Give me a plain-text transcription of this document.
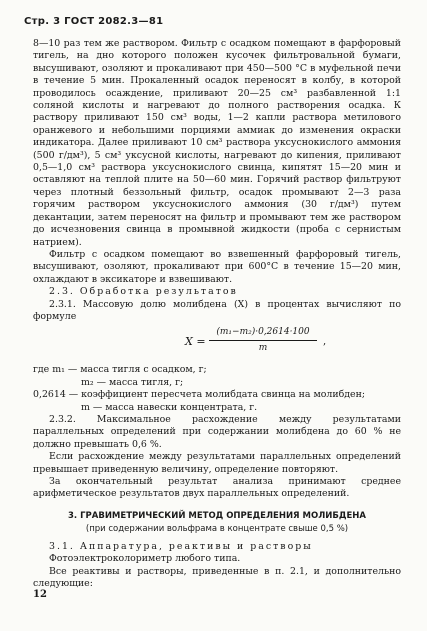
Стр. 3 ГОСТ 2082.3—81

8—10 раз тем же раствором. Фильтр с осадком помещают в фарфоровый тигель, на дно которого положен кусочек фильтровальной бумаги, высушивают, озоляют и прокаливают при 450—500 °С в муфельной печи в течение 5 мин. Прокаленный осадок переносят в колбу, в которой проводилось осаждение, приливают 20—25 см³ разбавленной 1:1 соляной кислоты и нагревают до полного растворения осадка. К раствору приливают 150 см³ воды, 1—2 капли раствора метилового оранжевого и небольшими порциями аммиак до изменения окраски индикатора. Далее приливают 10 см³ раствора уксуснокислого аммония (500 г/дм³), 5 см³ уксусной кислоты, нагревают до кипения, приливают 0,5—1,0 см³ раствора уксуснокислого свинца, кипятят 15—20 мин и оставляют на теплой плите на 50—60 мин. Горячий раствор фильтруют через плотный беззольный фильтр, осадок промывают 2—3 раза горячим раствором уксуснокислого аммония (30 г/дм³) путем декантации, затем переносят на фильтр и промывают тем же раствором до исчезновения свинца в промывной жидкости (проба с сернистым натрием).

Фильтр с осадком помещают во взвешенный фарфоровый тигель, высушивают, озоляют, прокаливают при 600°С в течение 15—20 мин, охлаждают в эксикаторе и взвешивают.

2.3. Обработка результатов

2.3.1. Массовую долю молибдена (X) в процентах вычисляют по формуле

$X = \frac{\text{(m₁−m₂)·0,2614·100}}{m}$ ,

где m₁ — масса тигля с осадком, г;

m₂ — масса тигля, г;

0,2614 — коэффициент пересчета молибдата свинца на молибден;

m — масса навески концентрата, г.

2.3.2. Максимальное расхождение между результатами параллельных определений при содержании молибдена до 60 % не должно превышать 0,6 %.

Если расхождение между результатами параллельных определений превышает приведенную величину, определение повторяют.

За окончательный результат анализа принимают среднее арифметическое результатов двух параллельных определений.

3. ГРАВИМЕТРИЧЕСКИЙ МЕТОД ОПРЕДЕЛЕНИЯ МОЛИБДЕНА
(при содержании вольфрама в концентрате свыше 0,5 %)

3.1. Аппаратура, реактивы и растворы

Фотоэлектроколориметр любого типа.

Все реактивы и растворы, приведенные в п. 2.1, и дополнительно следующие:

12
